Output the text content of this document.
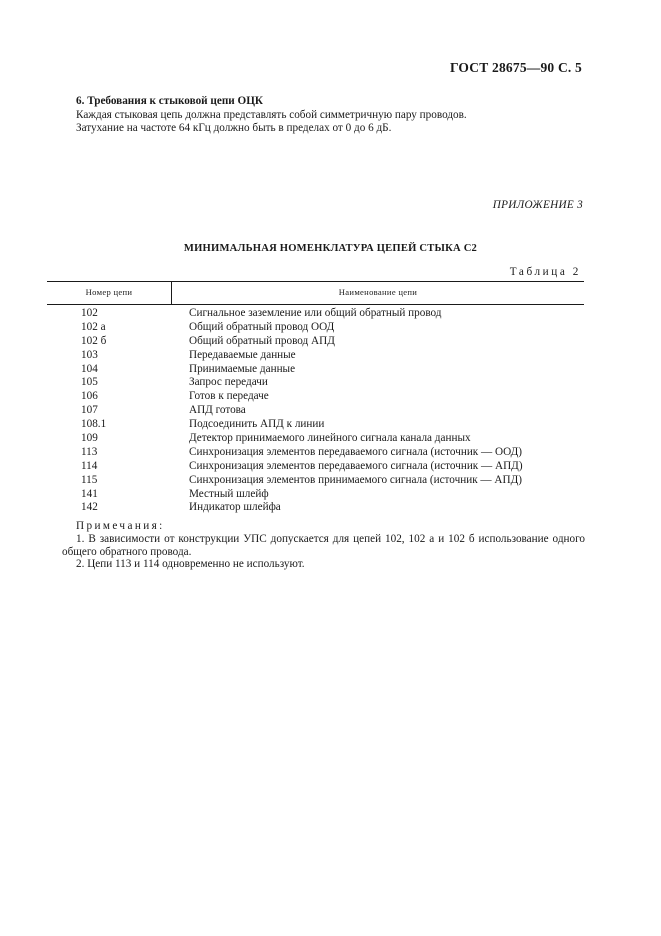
ГОСТ 28675—90 С. 5
6. Требования к стыковой цепи ОЦК
Каждая стыковая цепь должна представлять собой симметричную пару проводов.
Затухание на частоте 64 кГц должно быть в пределах от 0 до 6 дБ.
ПРИЛОЖЕНИЕ 3
МИНИМАЛЬНАЯ НОМЕНКЛАТУРА ЦЕПЕЙ СТЫКА С2
Таблица 2
Номер цепи	Наименование цепи
102	Сигнальное заземление или общий обратный провод
102 а	Общий обратный провод ООД
102 б	Общий обратный провод АПД
103	Передаваемые данные
104	Принимаемые данные
105	Запрос передачи
106	Готов к передаче
107	АПД готова
108.1	Подсоединить АПД к линии
109	Детектор принимаемого линейного сигнала канала данных
113	Синхронизация элементов передаваемого сигнала (источник — ООД)
114	Синхронизация элементов передаваемого сигнала (источник — АПД)
115	Синхронизация элементов принимаемого сигнала (источник — АПД)
141	Местный шлейф
142	Индикатор шлейфа
Примечания:
1. В зависимости от конструкции УПС допускается для цепей 102, 102 а и 102 б использование одного общего обратного провода.
2. Цепи 113 и 114 одновременно не используют.
